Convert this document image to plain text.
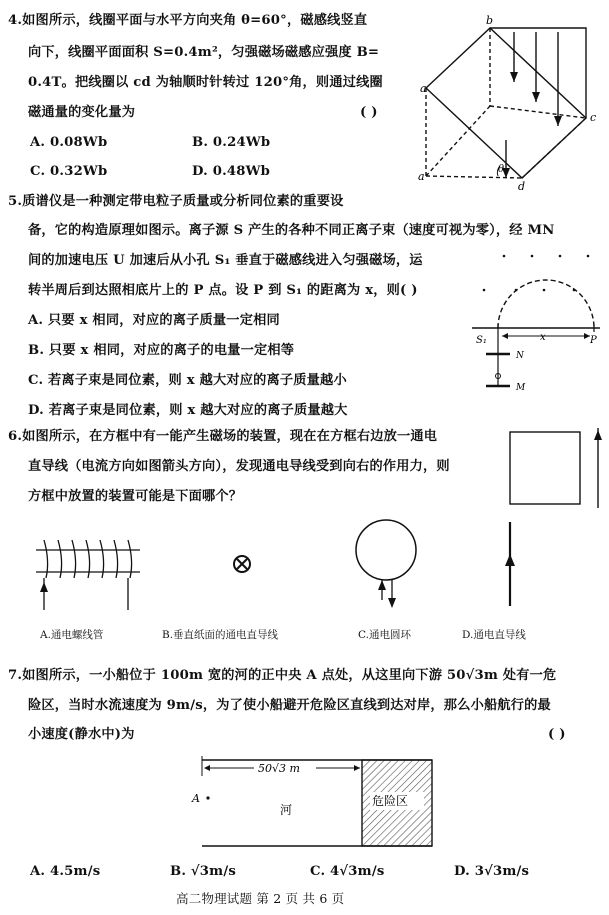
4.如图所示，线圈平面与水平方向夹角 θ=60°，磁感线竖直
向下，线圈平面面积 S=0.4m²，匀强磁场磁感应强度 B=
0.4T。把线圈以 cd 为轴顺时针转过 120°角，则通过线圈
磁通量的变化量为	( )
A. 0.08Wb	B. 0.24Wb
C. 0.32Wb	D. 0.48Wb
a
b
c
d
a'
θ
5.质谱仪是一种测定带电粒子质量或分析同位素的重要设
备，它的构造原理如图示。离子源 S 产生的各种不同正离子束（速度可视为零），经 MN
间的加速电压 U 加速后从小孔 S₁ 垂直于磁感线进入匀强磁场，运
转半周后到达照相底片上的 P 点。设 P 到 S₁ 的距离为 x，则( )
A. 只要 x 相同，对应的离子质量一定相同
B. 只要 x 相同，对应的离子的电量一定相等
C. 若离子束是同位素，则 x 越大对应的离子质量越小
D. 若离子束是同位素，则 x 越大对应的离子质量越大
S₁	x	P
N
M
6.如图所示，在方框中有一能产生磁场的装置，现在在方框右边放一通电
直导线（电流方向如图箭头方向），发现通电导线受到向右的作用力，则
方框中放置的装置可能是下面哪个？
A.通电螺线管	B.垂直纸面的通电直导线	C.通电圆环	D.通电直导线
7.如图所示，一小船位于 100m 宽的河的正中央 A 点处，从这里向下游 50√3m 处有一危
险区，当时水流速度为 9m/s，为了使小船避开危险区直线到达对岸，那么小船航行的最
小速度(静水中)为	( )
50√3 m
A
河
危险区
A. 4.5m/s	B. √3m/s	C. 4√3m/s	D. 3√3m/s
高二物理试题 第 2 页 共 6 页
